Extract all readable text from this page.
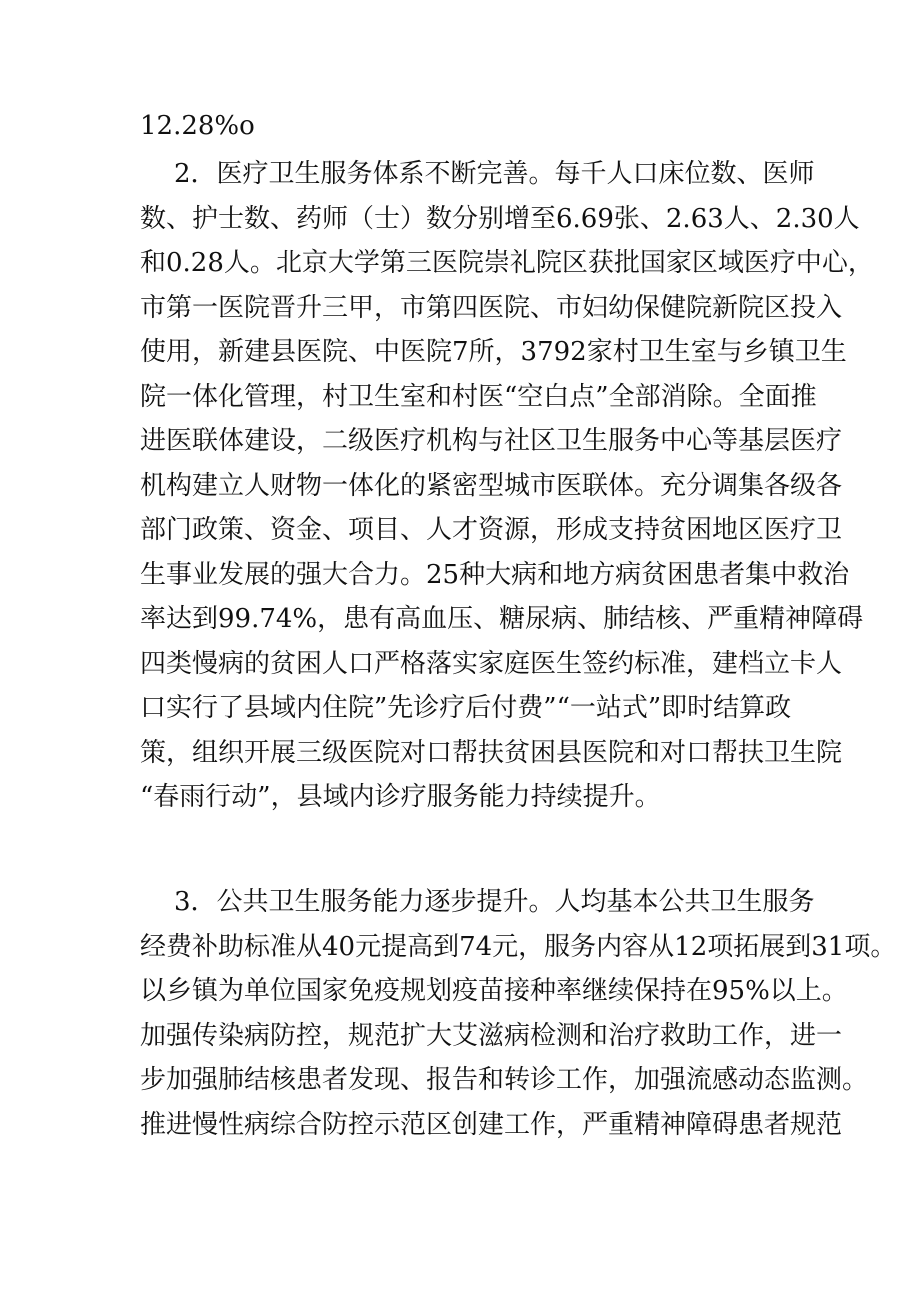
12.28%o
2．医疗卫生服务体系不断完善。每千人口床位数、医师
数、护士数、药师（士）数分别增至6.69张、2.63人、2.30人
和0.28人。北京大学第三医院崇礼院区获批国家区域医疗中心，
市第一医院晋升三甲，市第四医院、市妇幼保健院新院区投入
使用，新建县医院、中医院7所，3792家村卫生室与乡镇卫生
院一体化管理，村卫生室和村医“空白点”全部消除。全面推
进医联体建设，二级医疗机构与社区卫生服务中心等基层医疗
机构建立人财物一体化的紧密型城市医联体。充分调集各级各
部门政策、资金、项目、人才资源，形成支持贫困地区医疗卫
生事业发展的强大合力。25种大病和地方病贫困患者集中救治
率达到99.74%，患有高血压、糖尿病、肺结核、严重精神障碍
四类慢病的贫困人口严格落实家庭医生签约标准，建档立卡人
口实行了县域内住院”先诊疗后付费”“一站式”即时结算政
策，组织开展三级医院对口帮扶贫困县医院和对口帮扶卫生院
“春雨行动”，县域内诊疗服务能力持续提升。
3．公共卫生服务能力逐步提升。人均基本公共卫生服务
经费补助标准从40元提高到74元，服务内容从12项拓展到31项。
以乡镇为单位国家免疫规划疫苗接种率继续保持在95%以上。
加强传染病防控，规范扩大艾滋病检测和治疗救助工作，进一
步加强肺结核患者发现、报告和转诊工作，加强流感动态监测。
推进慢性病综合防控示范区创建工作，严重精神障碍患者规范
